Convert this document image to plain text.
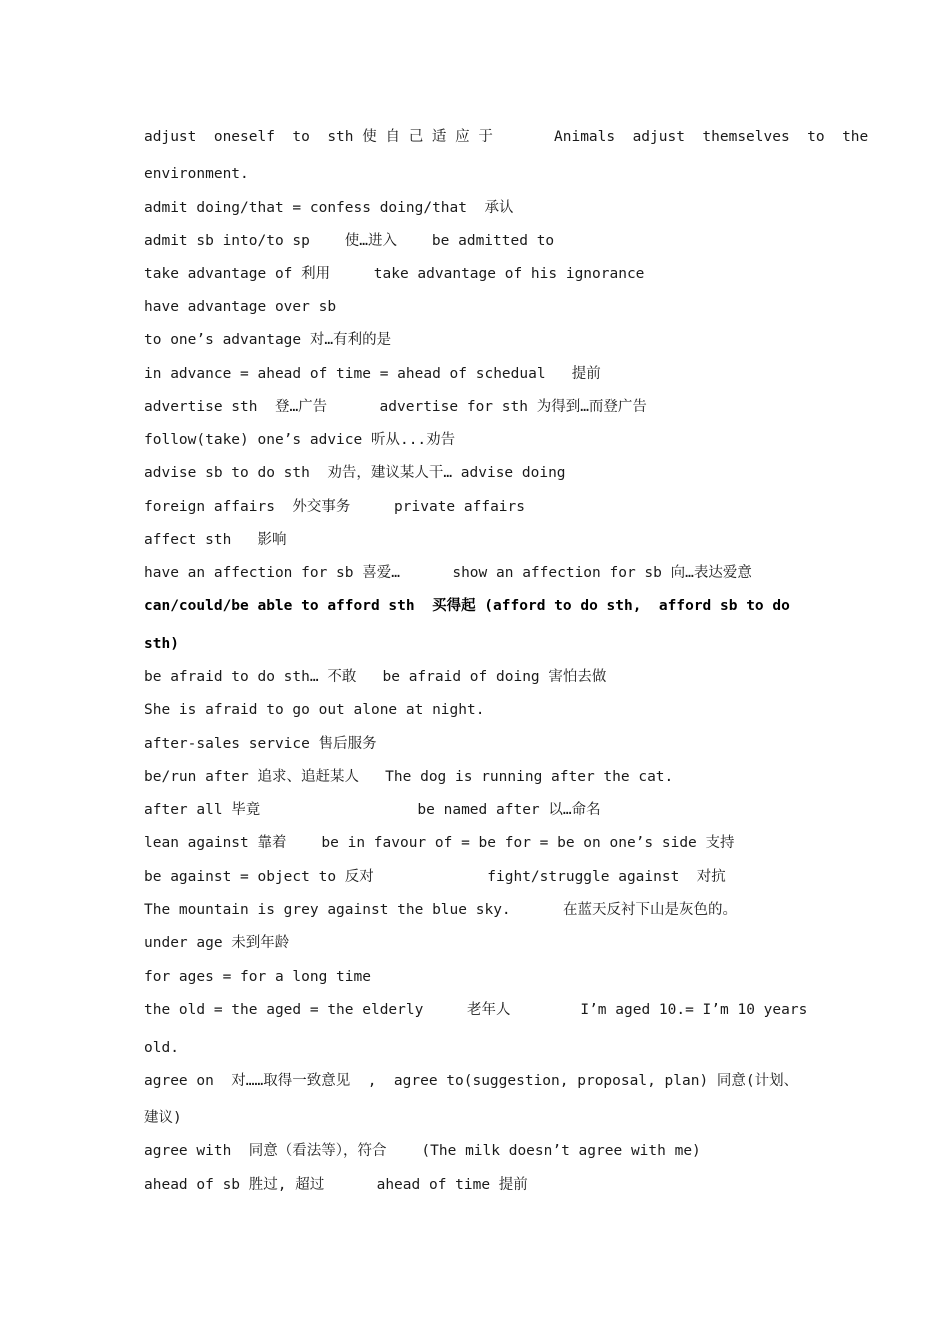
adjust  oneself  to  sth 使 自 己 适 应 于       Animals  adjust  themselves  to  the
environment.
admit doing/that = confess doing/that  承认
admit sb into/to sp    使…进入    be admitted to
take advantage of 利用     take advantage of his ignorance
have advantage over sb
to one’s advantage 对…有利的是
in advance = ahead of time = ahead of schedual   提前
advertise sth  登…广告      advertise for sth 为得到…而登广告
follow(take) one’s advice 听从...劝告
advise sb to do sth  劝告，建议某人干… advise doing
foreign affairs  外交事务     private affairs
affect sth   影响
have an affection for sb 喜爱…      show an affection for sb 向…表达爱意
can/could/be able to afford sth  买得起 (afford to do sth,  afford sb to do
sth)
be afraid to do sth… 不敢   be afraid of doing 害怕去做
She is afraid to go out alone at night.
after-sales service 售后服务
be/run after 追求、追赶某人   The dog is running after the cat.
after all 毕竟                  be named after 以…命名
lean against 靠着    be in favour of = be for = be on one’s side 支持
be against = object to 反对             fight/struggle against  对抗
The mountain is grey against the blue sky.      在蓝天反衬下山是灰色的。
under age 未到年龄
for ages = for a long time
the old = the aged = the elderly     老年人        I’m aged 10.= I’m 10 years
old.
agree on  对……取得一致意见  ,  agree to(suggestion, proposal, plan) 同意(计划、
建议)
agree with  同意（看法等），符合    (The milk doesn’t agree with me)
ahead of sb 胜过, 超过      ahead of time 提前
